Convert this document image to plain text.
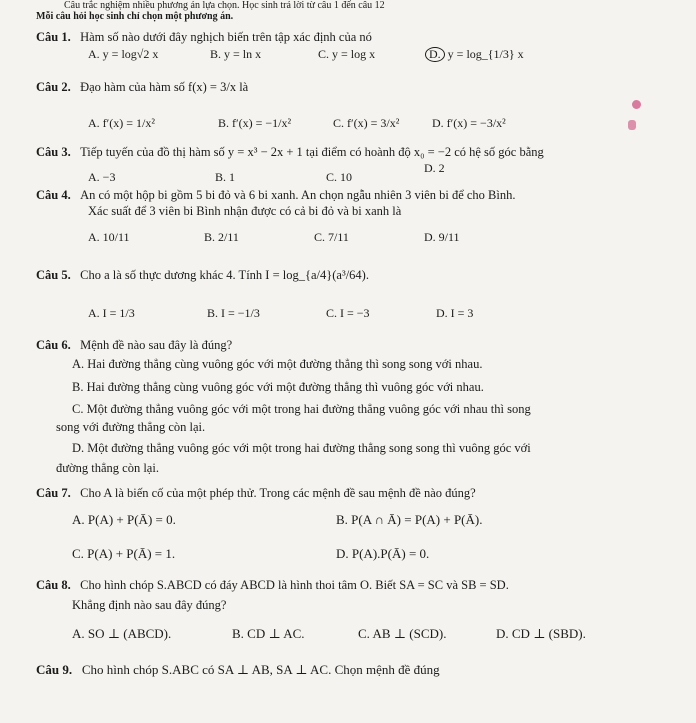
Câu trắc nghiệm nhiều phương án lựa chọn. Học sinh trả lời từ câu 1 đến câu 12
Mỗi câu hỏi học sinh chỉ chọn một phương án.
Câu 1. Hàm số nào dưới đây nghịch biến trên tập xác định của nó
A. y = log√2 x	B. y = ln x	C. y = log x	D. y = log_{1/3} x
Câu 2. Đạo hàm của hàm số f(x) = 3/x là
A. f′(x) = 1/x²	B. f′(x) = −1/x²	C. f′(x) = 3/x²	D. f′(x) = −3/x²
Câu 3. Tiếp tuyến của đồ thị hàm số y = x³ − 2x + 1 tại điểm có hoành độ x₀ = −2 có hệ số góc bằng
A. −3	B. 1	C. 10
D. 2
Câu 4. An có một hộp bi gồm 5 bi đỏ và 6 bi xanh. An chọn ngẫu nhiên 3 viên bi để cho Bình.
Xác suất để 3 viên bi Bình nhận được có cả bi đỏ và bi xanh là
A. 10/11	B. 2/11	C. 7/11	D. 9/11
Câu 5. Cho a là số thực dương khác 4. Tính I = log_{a/4}(a³/64).
A. I = 1/3	B. I = −1/3	C. I = −3	D. I = 3
Câu 6. Mệnh đề nào sau đây là đúng?
A. Hai đường thẳng cùng vuông góc với một đường thẳng thì song song với nhau.
B. Hai đường thẳng cùng vuông góc với một đường thẳng thì vuông góc với nhau.
C. Một đường thẳng vuông góc với một trong hai đường thẳng vuông góc với nhau thì song
song với đường thẳng còn lại.
D. Một đường thẳng vuông góc với một trong hai đường thẳng song song thì vuông góc với
đường thẳng còn lại.
Câu 7. Cho A là biến cố của một phép thử. Trong các mệnh đề sau mệnh đề nào đúng?
A. P(A) + P(Ā) = 0.	B. P(A ∩ Ā) = P(A) + P(Ā).
C. P(A) + P(Ā) = 1.	D. P(A).P(Ā) = 0.
Câu 8. Cho hình chóp S.ABCD có đáy ABCD là hình thoi tâm O. Biết SA = SC và SB = SD.
Khẳng định nào sau đây đúng?
A. SO ⊥ (ABCD).	B. CD ⊥ AC.	C. AB ⊥ (SCD).	D. CD ⊥ (SBD).
Câu 9. Cho hình chóp S.ABC có SA ⊥ AB, SA ⊥ AC. Chọn mệnh đề đúng
